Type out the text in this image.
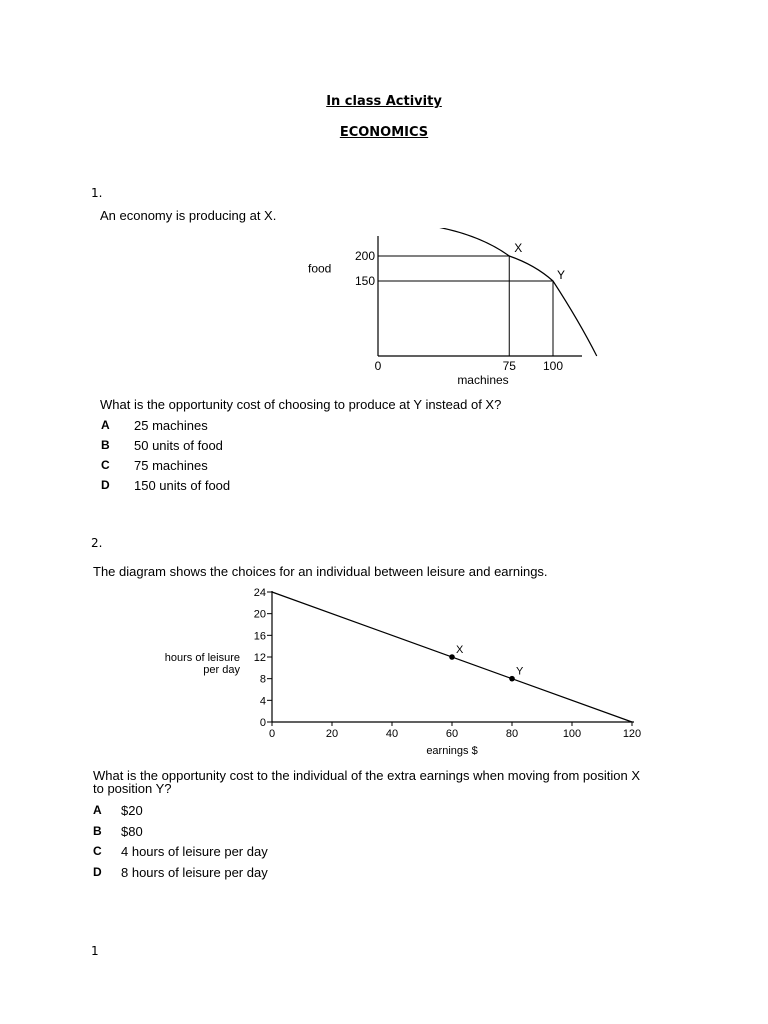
In class Activity
ECONOMICS
1.
An economy is producing at X.
200
150
0	75 100
food
machines
X
Y
What is the opportunity cost of choosing to produce at Y instead of X?
A 25 machines
B 50 units of food
C 75 machines
D 150 units of food
2.
The diagram shows the choices for an individual between leisure and earnings.
0
4
8
12
16
20
24
0	20	40	60	80	100	120
X
Y
hours of leisure
per day
earnings $
What is the opportunity cost to the individual of the extra earnings when moving from position X
to position Y?
A $20
B $80
C 4 hours of leisure per day
D 8 hours of leisure per day
1
